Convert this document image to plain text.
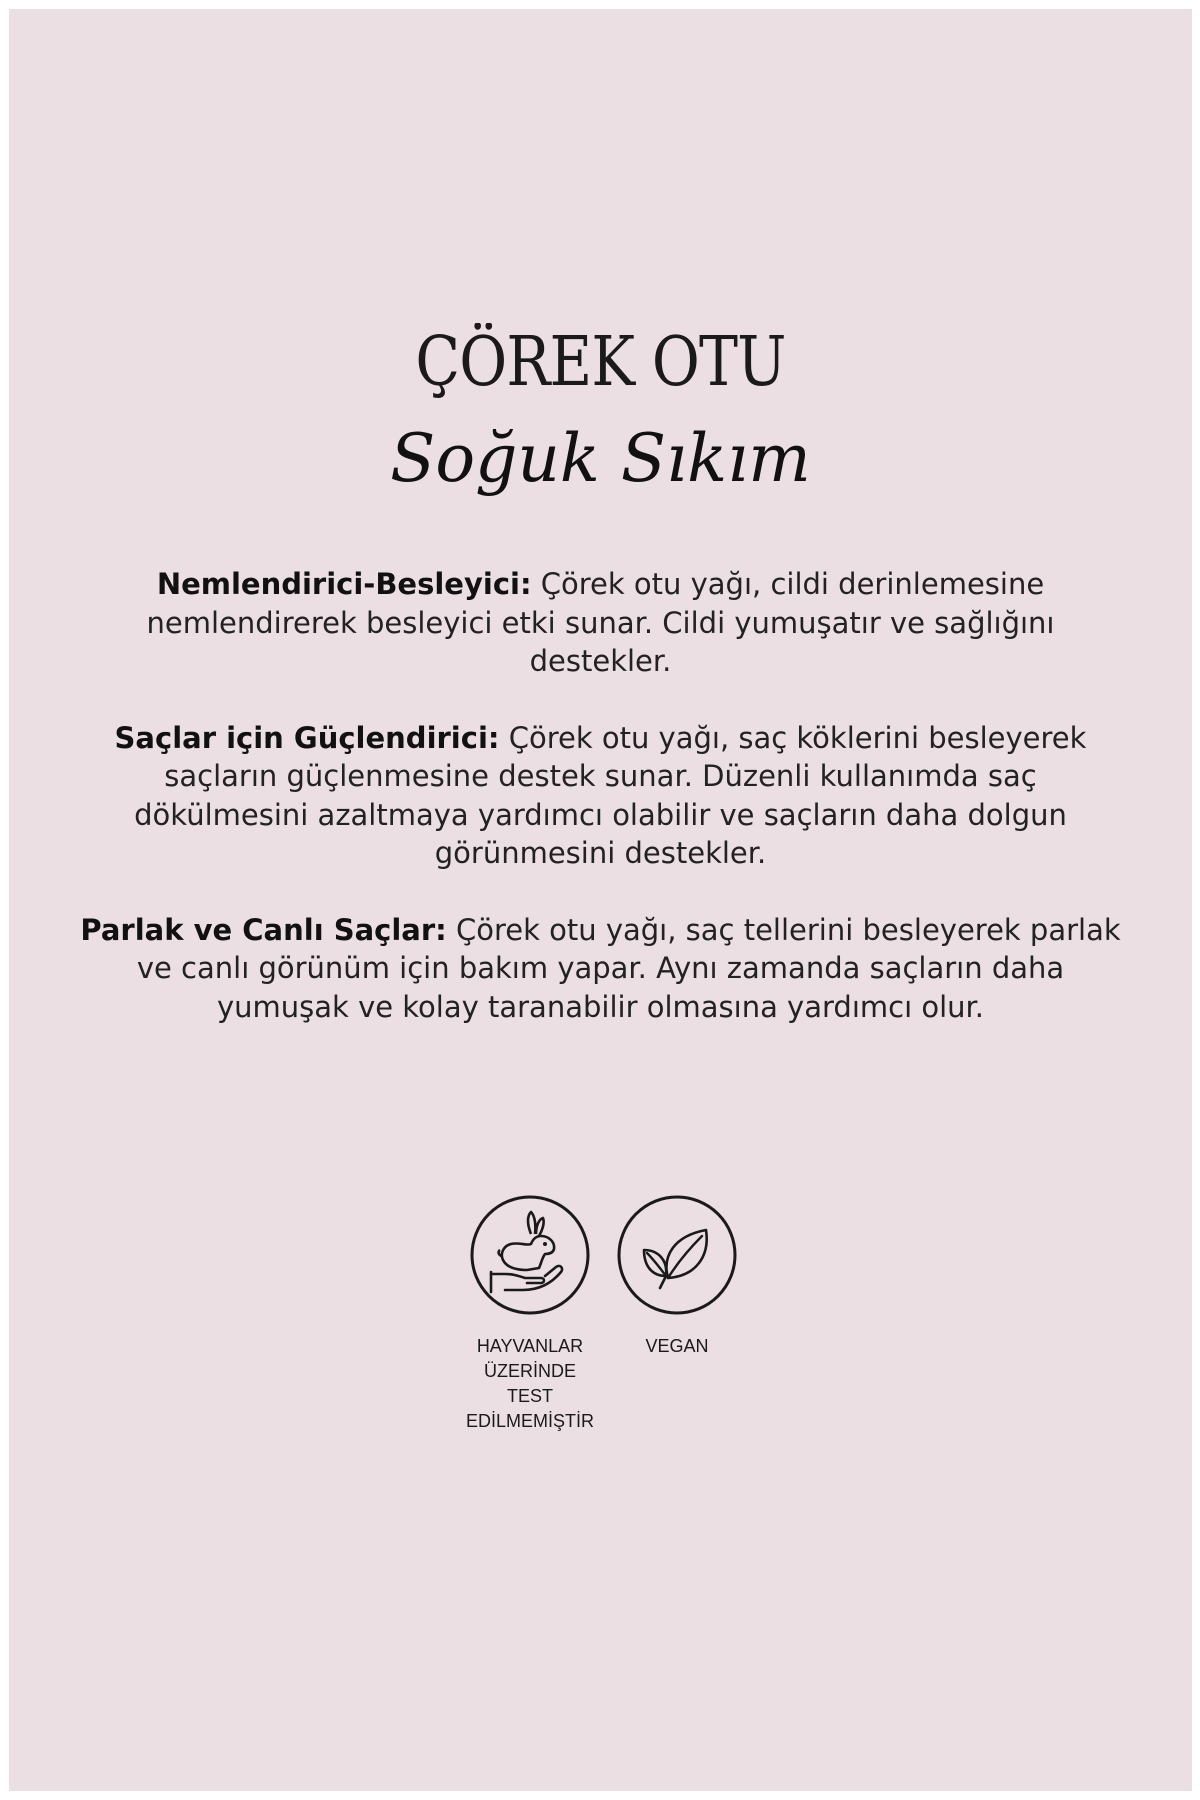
ÇÖREK OTU
Soğuk Sıkım

Nemlendirici-Besleyici: Çörek otu yağı, cildi derinlemesine nemlendirerek besleyici etki sunar. Cildi yumuşatır ve sağlığını destekler.

Saçlar için Güçlendirici: Çörek otu yağı, saç köklerini besleyerek saçların güçlenmesine destek sunar. Düzenli kullanımda saç dökülmesini azaltmaya yardımcı olabilir ve saçların daha dolgun görünmesini destekler.

Parlak ve Canlı Saçlar: Çörek otu yağı, saç tellerini besleyerek parlak ve canlı görünüm için bakım yapar. Aynı zamanda saçların daha yumuşak ve kolay taranabilir olmasına yardımcı olur.

HAYVANLAR
ÜZERİNDE TEST
EDİLMEMİŞTİR
VEGAN
